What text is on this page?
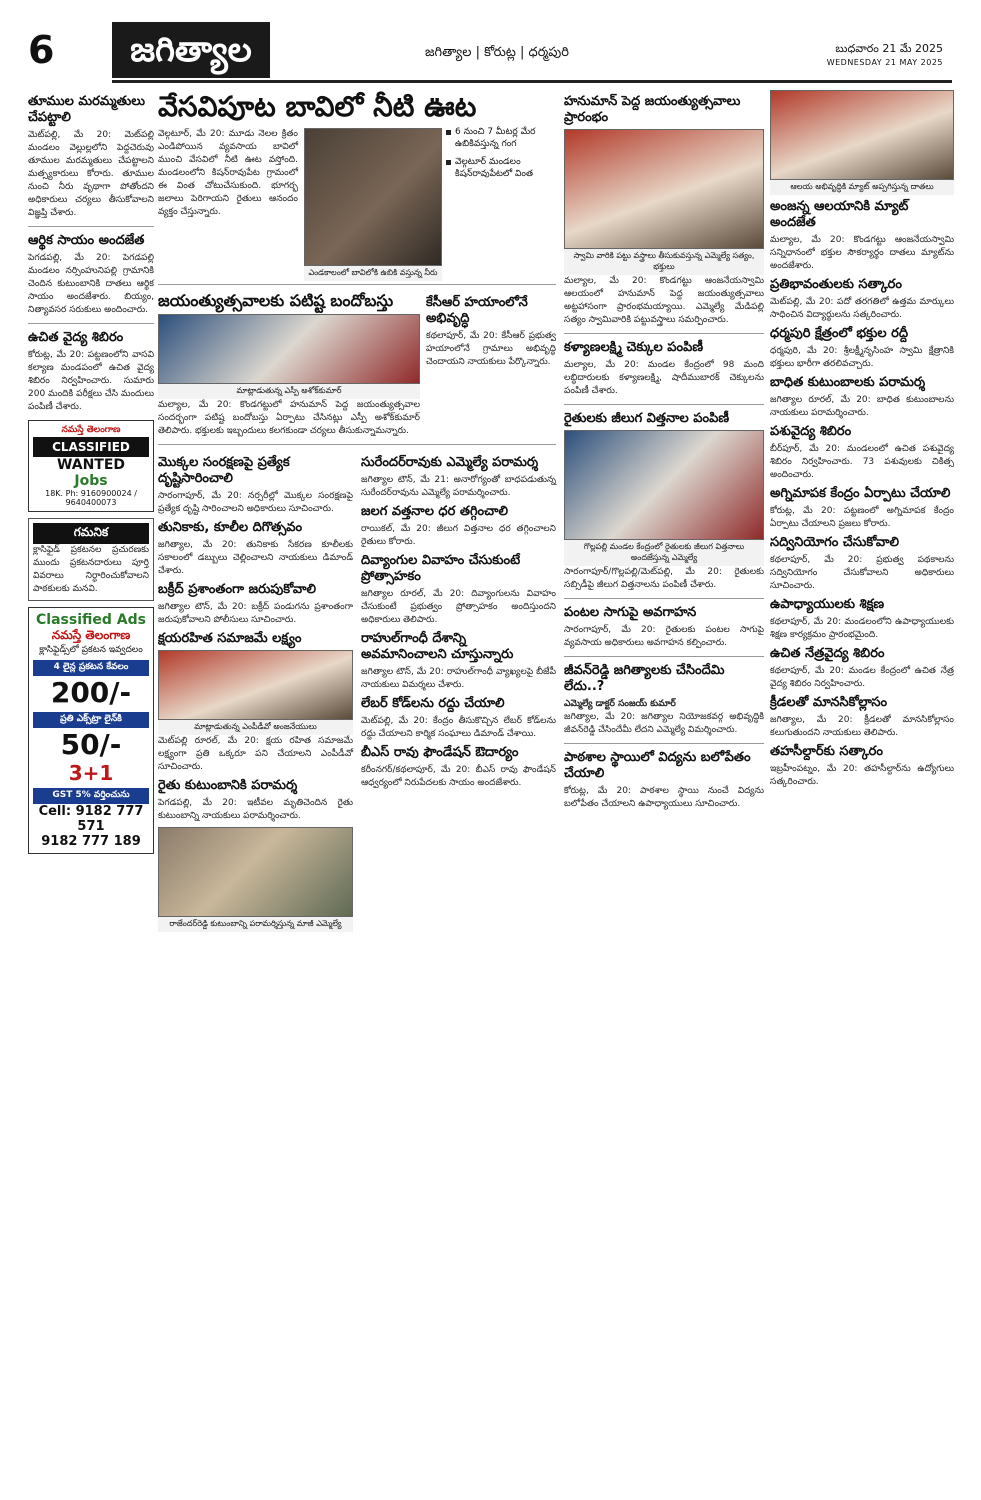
6	జగిత్యాల	జగిత్యాల | కోరుట్ల | ధర్మపురి	బుధవారం 21 మే 2025
WEDNESDAY 21 MAY 2025
తూముల మరమ్మతులు చేపట్టాలి

మెట్‌పల్లి, మే 20: మెట్‌పల్లి మండలం వెల్లుల్లలోని పెద్దచెరువు తూముల మరమ్మతులు చేపట్టాలని మత్స్యకారులు కోరారు. తూముల నుంచి నీరు వృథాగా పోతోందని అధికారులు చర్యలు తీసుకోవాలని విజ్ఞప్తి చేశారు.

ఆర్థిక సాయం అందజేత

పెగడపల్లి, మే 20: పెగడపల్లి మండలం నర్సింహునిపల్లి గ్రామానికి చెందిన కుటుంబానికి దాతలు ఆర్థిక సాయం అందజేశారు. బియ్యం, నిత్యావసర సరుకులు అందించారు.

ఉచిత వైద్య శిబిరం

కోరుట్ల, మే 20: పట్టణంలోని వాసవి కల్యాణ మండపంలో ఉచిత వైద్య శిబిరం నిర్వహించారు. సుమారు 200 మందికి పరీక్షలు చేసి మందులు పంపిణీ చేశారు.

నమస్తే తెలంగాణ
CLASSIFIED
WANTED
Jobs
18K. Ph: 9160900024 / 9640400073
గమనిక

క్లాసిఫైడ్ ప్రకటనల ప్రచురణకు ముందు ప్రకటనదారులు పూర్తి వివరాలు నిర్ధారించుకోవాలని పాఠకులకు మనవి.

Classified Ads
నమస్తే తెలంగాణ
క్లాసిఫైడ్స్‌లో ప్రకటన ఇవ్వదలం
4 లైన్ల ప్రకటన కేవలం
200/-
ప్రతి ఎక్స్‌ట్రా లైన్‌కి
50/-
3+1
GST 5% వర్తించును
Cell: 9182 777 571
9182 777 189
వేసవిపూట బావిలో నీటి ఊట

వెల్గటూర్, మే 20: మూడు నెలల క్రితం ఎండిపోయిన వ్యవసాయ బావిలో ముంచి వేసవిలో నీటి ఊట వస్తోంది. మండలంలోని కిషన్‌రావుపేట గ్రామంలో ఈ వింత చోటుచేసుకుంది. భూగర్భ జలాలు పెరిగాయని రైతులు ఆనందం వ్యక్తం చేస్తున్నారు.

ఎండకాలంలో బావిలోకి ఉబికి వస్తున్న నీరు
6 నుంచి 7 మీటర్ల మేర ఉబికివస్తున్న గంగ
వెల్గటూర్ మండలం కిషన్‌రావుపేటలో వింత
జయంత్యుత్సవాలకు పటిష్ట బందోబస్తు
మాట్లాడుతున్న ఎస్పీ అశోక్‌కుమార్

మల్యాల, మే 20: కొండగట్టులో హనుమాన్ పెద్ద జయంత్యుత్సవాల సందర్భంగా పటిష్ట బందోబస్తు ఏర్పాటు చేసినట్లు ఎస్పీ అశోక్‌కుమార్ తెలిపారు. భక్తులకు ఇబ్బందులు కలగకుండా చర్యలు తీసుకున్నామన్నారు.

కేసీఆర్ హయాంలోనే అభివృద్ధి

కథలాపూర్, మే 20: కేసీఆర్ ప్రభుత్వ హయాంలోనే గ్రామాలు అభివృద్ధి చెందాయని నాయకులు పేర్కొన్నారు.

మొక్కల సంరక్షణపై ప్రత్యేక దృష్టిసారించాలి

సారంగాపూర్, మే 20: నర్సరీల్లో మొక్కల సంరక్షణపై ప్రత్యేక దృష్టి సారించాలని అధికారులు సూచించారు.

తునికాకు, కూలీల దిగొత్సవం

జగిత్యాల, మే 20: తునికాకు సేకరణ కూలీలకు సకాలంలో డబ్బులు చెల్లించాలని నాయకులు డిమాండ్ చేశారు.

బక్రీద్ ప్రశాంతంగా జరుపుకోవాలి

జగిత్యాల టౌన్, మే 20: బక్రీద్ పండుగను ప్రశాంతంగా జరుపుకోవాలని పోలీసులు సూచించారు.

క్షయరహిత సమాజమే లక్ష్యం
మాట్లాడుతున్న ఎంపీడీవో అంజనేయులు

మెట్‌పల్లి రూరల్, మే 20: క్షయ రహిత సమాజమే లక్ష్యంగా ప్రతి ఒక్కరూ పని చేయాలని ఎంపీడీవో సూచించారు.

రైతు కుటుంబానికి పరామర్శ

పెగడపల్లి, మే 20: ఇటీవల మృతిచెందిన రైతు కుటుంబాన్ని నాయకులు పరామర్శించారు.

రాజేందర్‌రెడ్డి కుటుంబాన్ని పరామర్శిస్తున్న మాజీ ఎమ్మెల్యే
సురేందర్‌రావుకు ఎమ్మెల్యే పరామర్శ

జగిత్యాల టౌన్, మే 21: అనారోగ్యంతో బాధపడుతున్న సురేందర్‌రావును ఎమ్మెల్యే పరామర్శించారు.

జలగ వత్తనాల ధర తగ్గించాలి

రాయికల్, మే 20: జీలుగ విత్తనాల ధర తగ్గించాలని రైతులు కోరారు.

దివ్యాంగుల వివాహం చేసుకుంటే ప్రోత్సాహకం

జగిత్యాల రూరల్, మే 20: దివ్యాంగులను వివాహం చేసుకుంటే ప్రభుత్వం ప్రోత్సాహకం అందిస్తుందని అధికారులు తెలిపారు.

రాహుల్‌గాంధీ దేశాన్ని అవమానించాలని చూస్తున్నారు

జగిత్యాల టౌన్, మే 20: రాహుల్‌గాంధీ వ్యాఖ్యలపై బీజేపీ నాయకులు విమర్శలు చేశారు.

లేబర్ కోడ్‌లను రద్దు చేయాలి

మెట్‌పల్లి, మే 20: కేంద్రం తీసుకొచ్చిన లేబర్ కోడ్‌లను రద్దు చేయాలని కార్మిక సంఘాలు డిమాండ్ చేశాయి.

బీఎస్ రావు ఫౌండేషన్ ఔదార్యం

కరీంనగర్/కథలాపూర్, మే 20: బీఎస్ రావు ఫౌండేషన్ ఆధ్వర్యంలో నిరుపేదలకు సాయం అందజేశారు.

హనుమాన్ పెద్ద జయంత్యుత్సవాలు ప్రారంభం
స్వామి వారికి పట్టు వస్త్రాలు తీసుకువస్తున్న ఎమ్మెల్యే సత్యం, భక్తులు

మల్యాల, మే 20: కొండగట్టు ఆంజనేయస్వామి ఆలయంలో హనుమాన్ పెద్ద జయంత్యుత్సవాలు అట్టహాసంగా ప్రారంభమయ్యాయి. ఎమ్మెల్యే మేడిపల్లి సత్యం స్వామివారికి పట్టువస్త్రాలు సమర్పించారు.

కళ్యాణలక్ష్మి చెక్కుల పంపిణీ

మల్యాల, మే 20: మండల కేంద్రంలో 98 మంది లబ్ధిదారులకు కళ్యాణలక్ష్మి, షాదీముబారక్ చెక్కులను పంపిణీ చేశారు.

రైతులకు జీలుగ విత్తనాల పంపిణీ
గొల్లపల్లి మండల కేంద్రంలో రైతులకు జీలుగ విత్తనాలు అందజేస్తున్న ఎమ్మెల్యే

సారంగాపూర్/గొల్లపల్లి/మెట్‌పల్లి, మే 20: రైతులకు సబ్సిడీపై జీలుగ విత్తనాలను పంపిణీ చేశారు.

పంటల సాగుపై అవగాహన

సారంగాపూర్, మే 20: రైతులకు పంటల సాగుపై వ్యవసాయ అధికారులు అవగాహన కల్పించారు.

జీవన్‌రెడ్డి జగిత్యాలకు చేసిందేమి లేదు..?
ఎమ్మెల్యే డాక్టర్ సంజయ్ కుమార్

జగిత్యాల, మే 20: జగిత్యాల నియోజకవర్గ అభివృద్ధికి జీవన్‌రెడ్డి చేసిందేమీ లేదని ఎమ్మెల్యే విమర్శించారు.

పాఠశాల స్థాయిలో విద్యను బలోపేతం చేయాలి

కోరుట్ల, మే 20: పాఠశాల స్థాయి నుంచే విద్యను బలోపేతం చేయాలని ఉపాధ్యాయులు సూచించారు.

ఆలయ అభివృద్ధికి మ్యాట్ అప్పగిస్తున్న దాతలు
అంజన్న ఆలయానికి మ్యాట్ అందజేత

మల్యాల, మే 20: కొండగట్టు ఆంజనేయస్వామి సన్నిధానంలో భక్తుల సౌకర్యార్థం దాతలు మ్యాట్‌ను అందజేశారు.

ప్రతిభావంతులకు సత్కారం

మెట్‌పల్లి, మే 20: పదో తరగతిలో ఉత్తమ మార్కులు సాధించిన విద్యార్థులను సత్కరించారు.

ధర్మపురి క్షేత్రంలో భక్తుల రద్దీ

ధర్మపురి, మే 20: శ్రీలక్ష్మీనృసింహ స్వామి క్షేత్రానికి భక్తులు భారీగా తరలివచ్చారు.

బాధిత కుటుంబాలకు పరామర్శ

జగిత్యాల రూరల్, మే 20: బాధిత కుటుంబాలను నాయకులు పరామర్శించారు.

పశువైద్య శిబిరం

బీర్‌పూర్, మే 20: మండలంలో ఉచిత పశువైద్య శిబిరం నిర్వహించారు. 73 పశువులకు చికిత్స అందించారు.

అగ్నిమాపక కేంద్రం ఏర్పాటు చేయాలి

కోరుట్ల, మే 20: పట్టణంలో అగ్నిమాపక కేంద్రం ఏర్పాటు చేయాలని ప్రజలు కోరారు.

సద్వినియోగం చేసుకోవాలి

కథలాపూర్, మే 20: ప్రభుత్వ పథకాలను సద్వినియోగం చేసుకోవాలని అధికారులు సూచించారు.

ఉపాధ్యాయులకు శిక్షణ

కథలాపూర్, మే 20: మండలంలోని ఉపాధ్యాయులకు శిక్షణ కార్యక్రమం ప్రారంభమైంది.

ఉచిత నేత్రవైద్య శిబిరం

కథలాపూర్, మే 20: మండల కేంద్రంలో ఉచిత నేత్ర వైద్య శిబిరం నిర్వహించారు.

క్రీడలతో మానసికోల్లాసం

జగిత్యాల, మే 20: క్రీడలతో మానసికోల్లాసం కలుగుతుందని నాయకులు తెలిపారు.

తహసీల్దార్‌కు సత్కారం

ఇబ్రహీంపట్నం, మే 20: తహసీల్దార్‌ను ఉద్యోగులు సత్కరించారు.
